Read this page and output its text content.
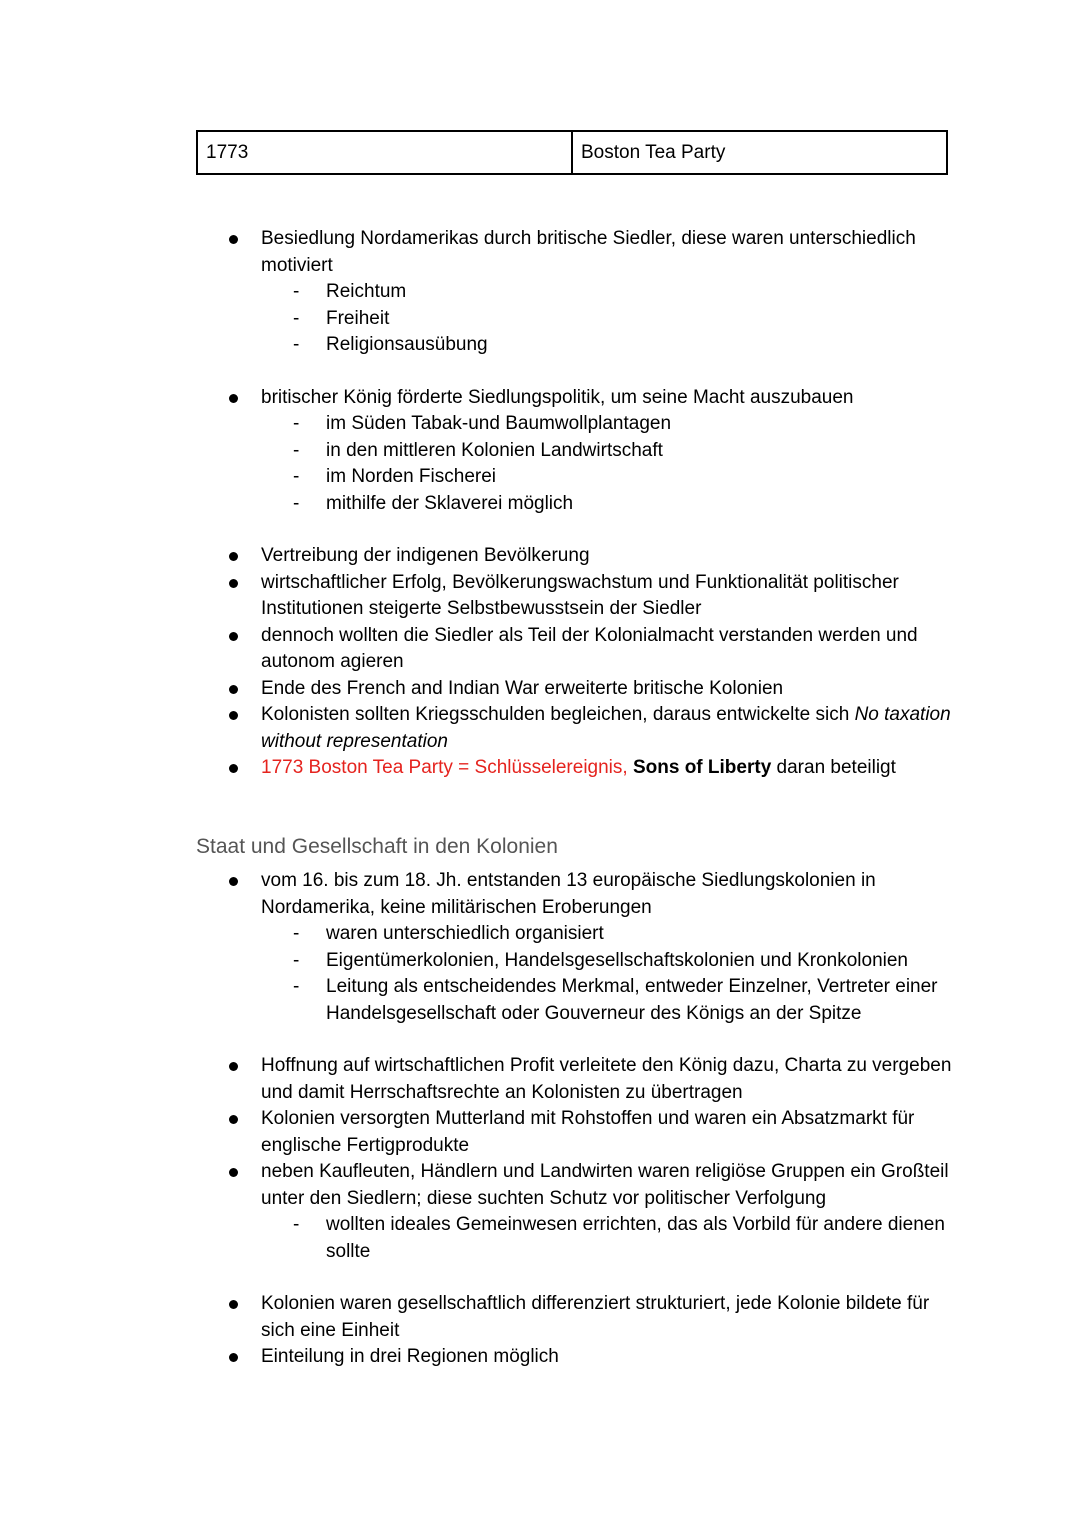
1773	Boston Tea Party
Besiedlung Nordamerikas durch britische Siedler, diese waren unterschiedlich motiviert
- Reichtum
- Freiheit
- Religionsausübung
britischer König förderte Siedlungspolitik, um seine Macht auszubauen
- im Süden Tabak-und Baumwollplantagen
- in den mittleren Kolonien Landwirtschaft
- im Norden Fischerei
- mithilfe der Sklaverei möglich
Vertreibung der indigenen Bevölkerung
wirtschaftlicher Erfolg, Bevölkerungswachstum und Funktionalität politischer Institutionen steigerte Selbstbewusstsein der Siedler
dennoch wollten die Siedler als Teil der Kolonialmacht verstanden werden und autonom agieren
Ende des French and Indian War erweiterte britische Kolonien
Kolonisten sollten Kriegsschulden begleichen, daraus entwickelte sich No taxation without representation
1773 Boston Tea Party = Schlüsselereignis, Sons of Liberty daran beteiligt
Staat und Gesellschaft in den Kolonien
vom 16. bis zum 18. Jh. entstanden 13 europäische Siedlungskolonien in Nordamerika, keine militärischen Eroberungen
- waren unterschiedlich organisiert
- Eigentümerkolonien, Handelsgesellschaftskolonien und Kronkolonien
- Leitung als entscheidendes Merkmal, entweder Einzelner, Vertreter einer Handelsgesellschaft oder Gouverneur des Königs an der Spitze
Hoffnung auf wirtschaftlichen Profit verleitete den König dazu, Charta zu vergeben und damit Herrschaftsrechte an Kolonisten zu übertragen
Kolonien versorgten Mutterland mit Rohstoffen und waren ein Absatzmarkt für englische Fertigprodukte
neben Kaufleuten, Händlern und Landwirten waren religiöse Gruppen ein Großteil unter den Siedlern; diese suchten Schutz vor politischer Verfolgung
- wollten ideales Gemeinwesen errichten, das als Vorbild für andere dienen sollte
Kolonien waren gesellschaftlich differenziert strukturiert, jede Kolonie bildete für sich eine Einheit
Einteilung in drei Regionen möglich
